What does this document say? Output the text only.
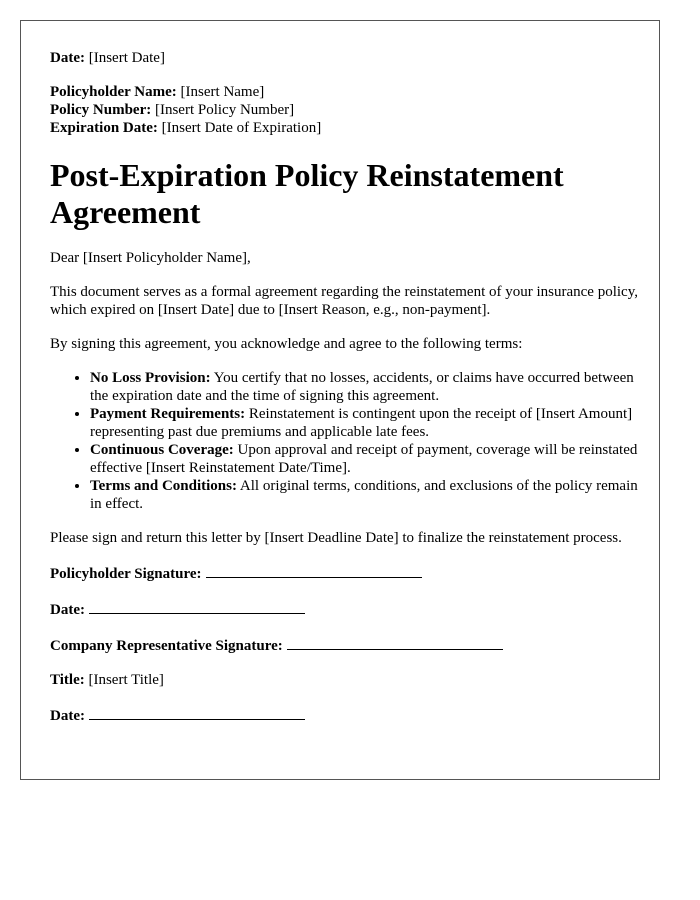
Date: [Insert Date]

Policyholder Name: [Insert Name]

Policy Number: [Insert Policy Number]

Expiration Date: [Insert Date of Expiration]

Post-Expiration Policy Reinstatement Agreement

Dear [Insert Policyholder Name],

This document serves as a formal agreement regarding the reinstatement of your insurance policy, which expired on [Insert Date] due to [Insert Reason, e.g., non-payment].

By signing this agreement, you acknowledge and agree to the following terms:

• No Loss Provision: You certify that no losses, accidents, or claims have occurred between the expiration date and the time of signing this agreement.
• Payment Requirements: Reinstatement is contingent upon the receipt of [Insert Amount] representing past due premiums and applicable late fees.
• Continuous Coverage: Upon approval and receipt of payment, coverage will be reinstated effective [Insert Reinstatement Date/Time].
• Terms and Conditions: All original terms, conditions, and exclusions of the policy remain in effect.

Please sign and return this letter by [Insert Deadline Date] to finalize the reinstatement process.

Policyholder Signature:

Date:

Company Representative Signature:

Title: [Insert Title]

Date:
